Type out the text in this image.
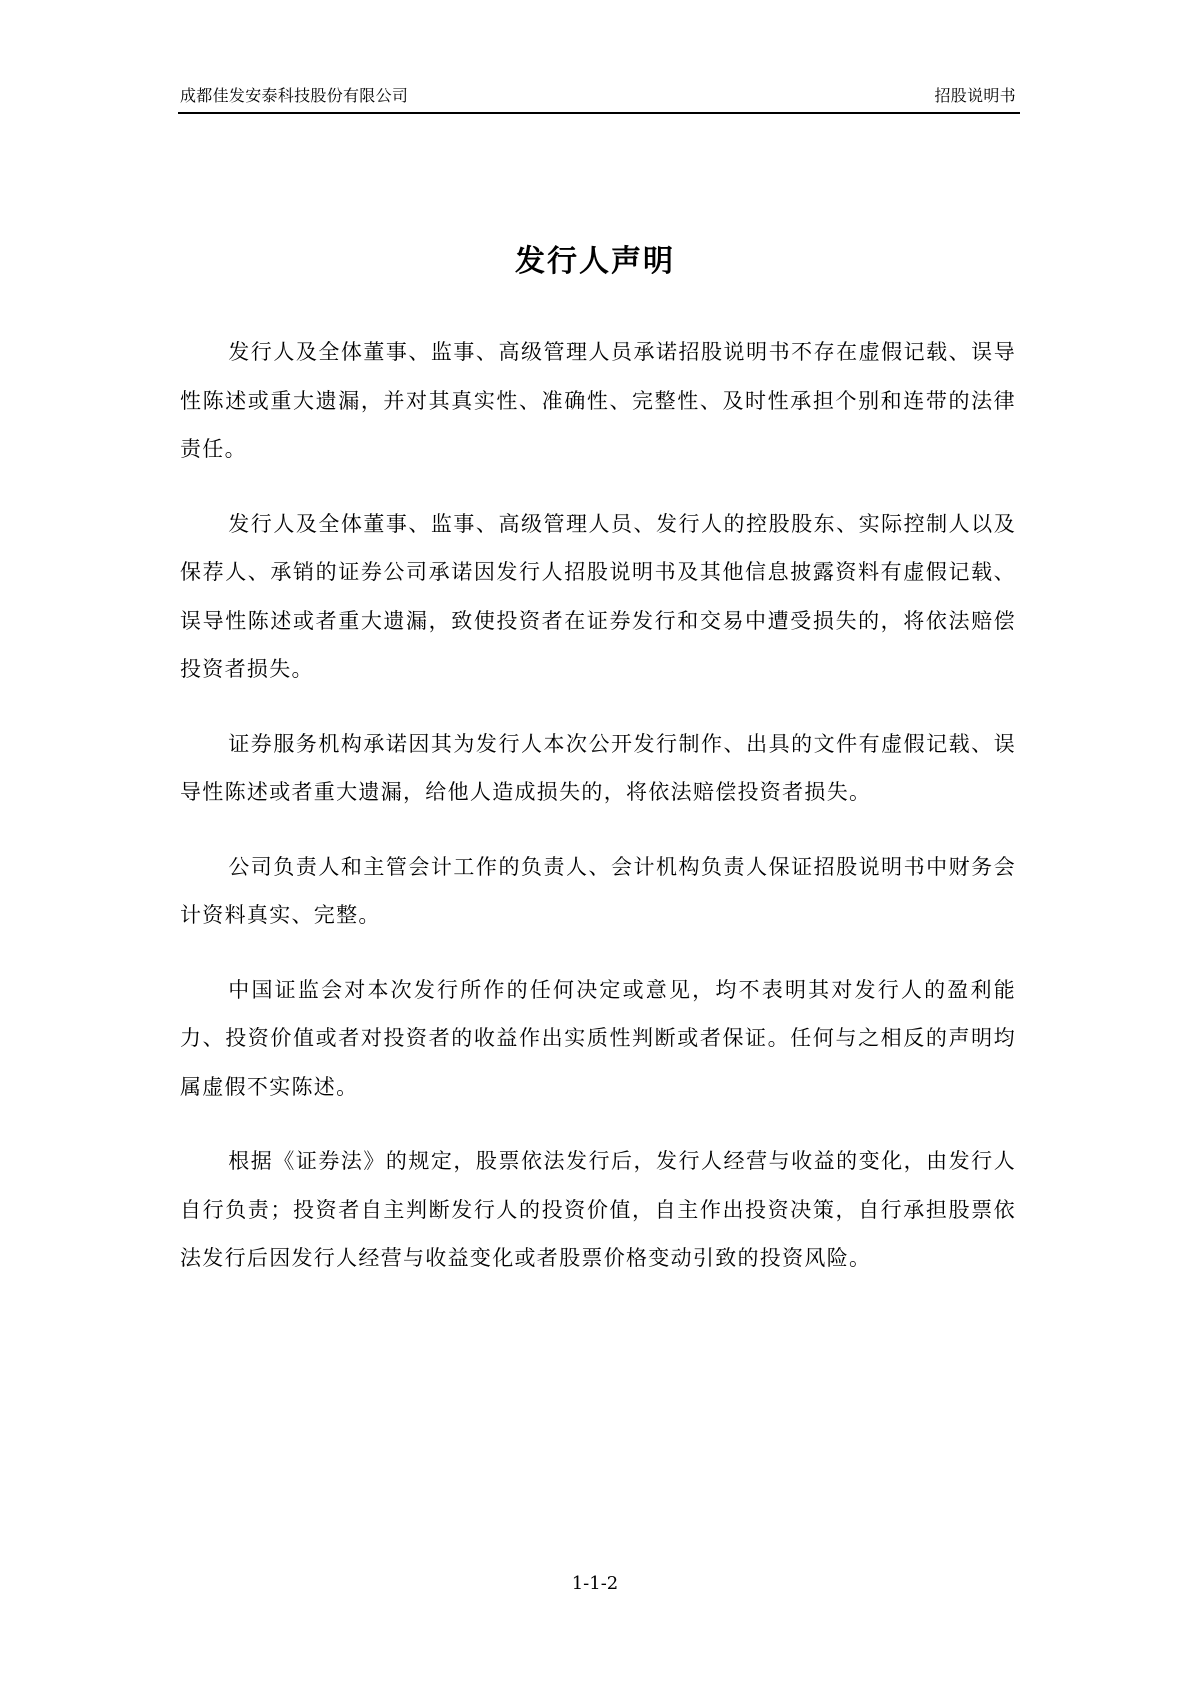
成都佳发安泰科技股份有限公司	招股说明书
发行人声明

发行人及全体董事、监事、高级管理人员承诺招股说明书不存在虚假记载、误导性陈述或重大遗漏，并对其真实性、准确性、完整性、及时性承担个别和连带的法律责任。

发行人及全体董事、监事、高级管理人员、发行人的控股股东、实际控制人以及保荐人、承销的证券公司承诺因发行人招股说明书及其他信息披露资料有虚假记载、误导性陈述或者重大遗漏，致使投资者在证券发行和交易中遭受损失的，将依法赔偿投资者损失。

证券服务机构承诺因其为发行人本次公开发行制作、出具的文件有虚假记载、误导性陈述或者重大遗漏，给他人造成损失的，将依法赔偿投资者损失。

公司负责人和主管会计工作的负责人、会计机构负责人保证招股说明书中财务会计资料真实、完整。

中国证监会对本次发行所作的任何决定或意见，均不表明其对发行人的盈利能力、投资价值或者对投资者的收益作出实质性判断或者保证。任何与之相反的声明均属虚假不实陈述。

根据《证券法》的规定，股票依法发行后，发行人经营与收益的变化，由发行人自行负责；投资者自主判断发行人的投资价值，自主作出投资决策，自行承担股票依法发行后因发行人经营与收益变化或者股票价格变动引致的投资风险。

1-1-2
